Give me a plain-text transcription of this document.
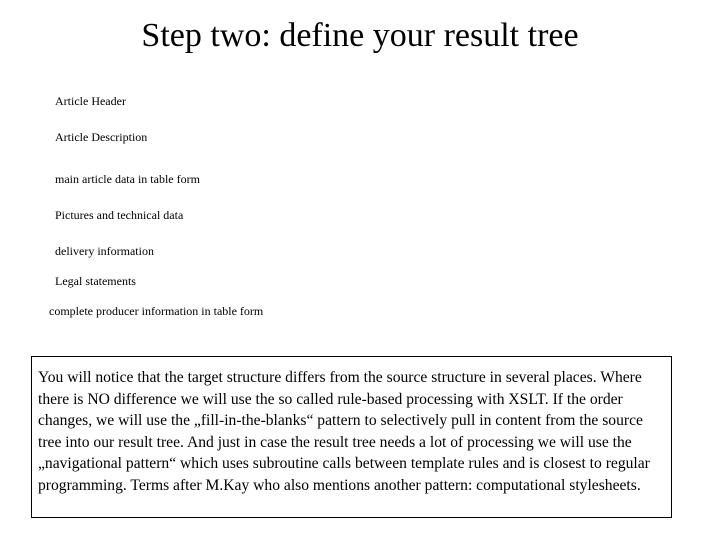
Step two: define your result tree
Article Header
Article Description
main article data in table form
Pictures and technical data
delivery information
Legal statements
complete producer information in table form
You will notice that the target structure differs from the source structure in several places. Where there is NO difference we will use the so called rule-based processing with XSLT. If the order changes, we will use the „fill-in-the-blanks“ pattern to selectively pull in content from the source tree into our result tree. And just in case the result tree needs a lot of processing we will use the „navigational pattern“ which uses subroutine calls between template rules and is closest to regular programming. Terms after M.Kay who also mentions another pattern: computational stylesheets.
